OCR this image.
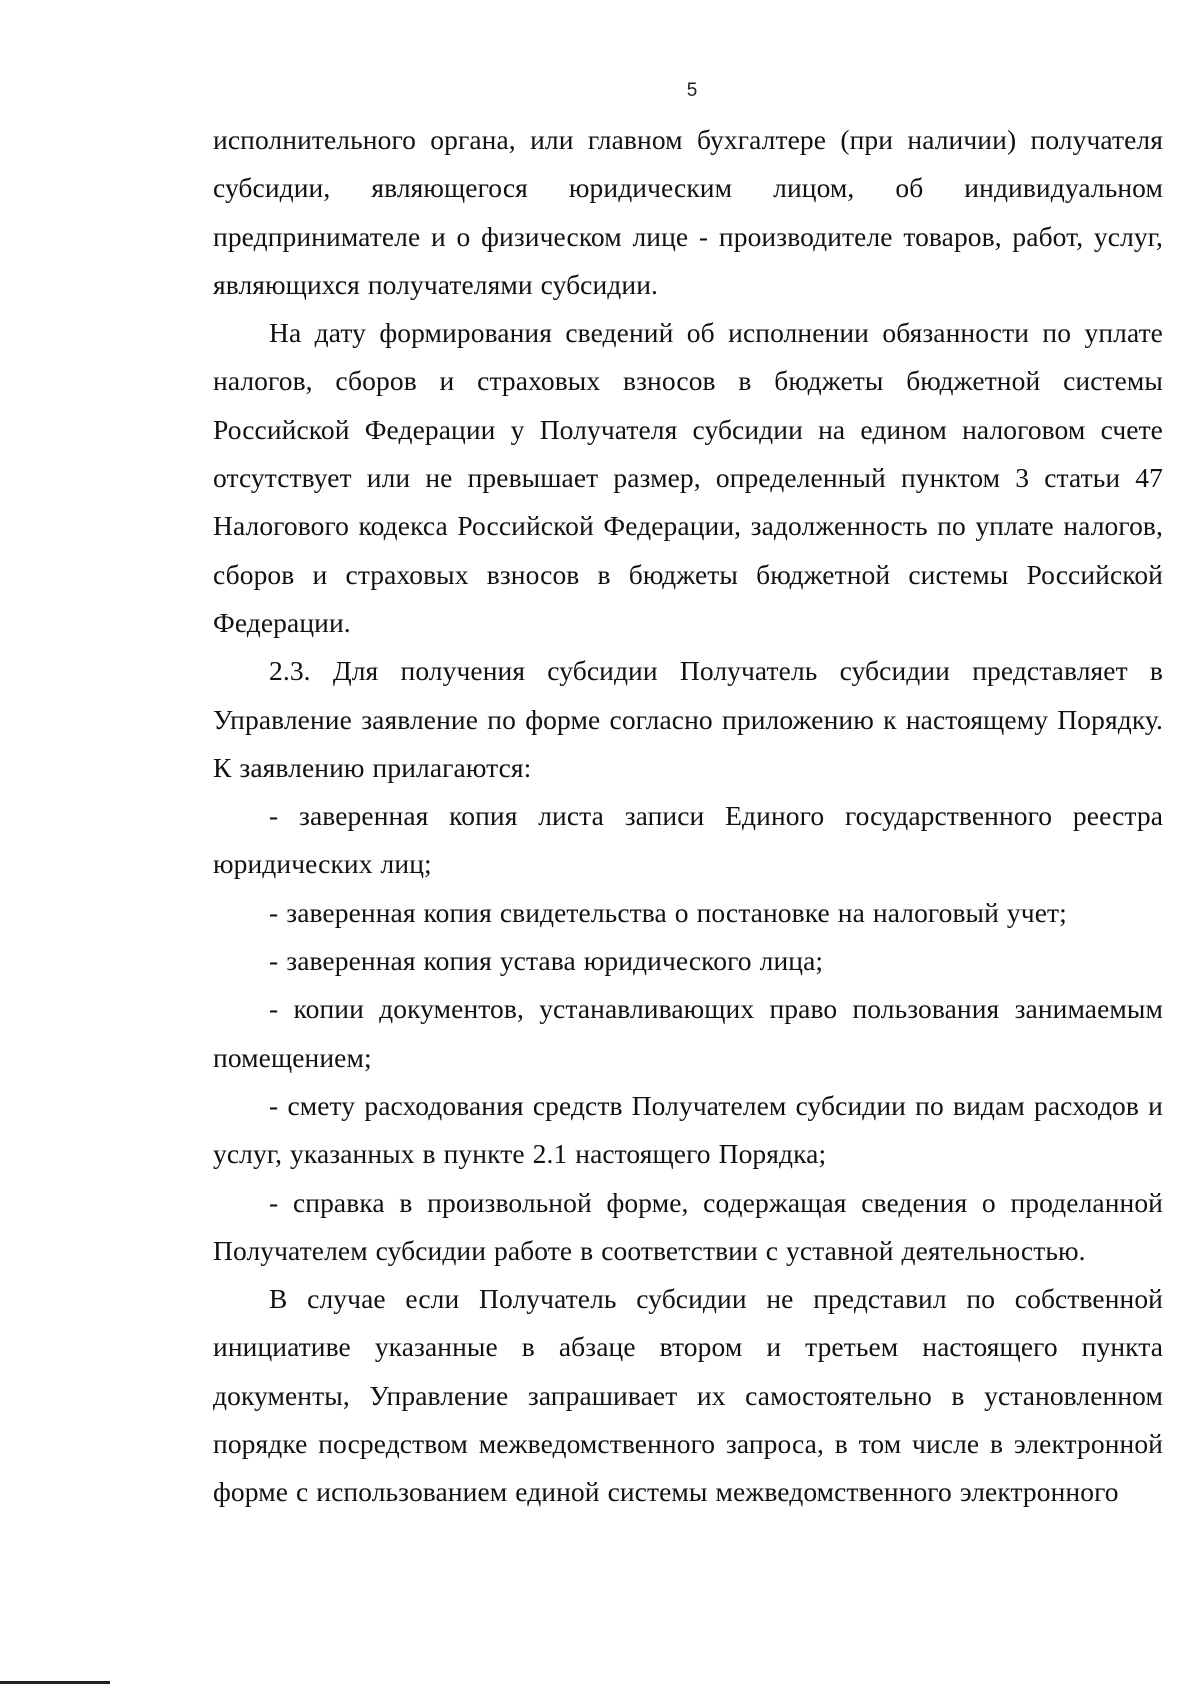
5

исполнительного органа, или главном бухгалтере (при наличии) получателя субсидии, являющегося юридическим лицом, об индивидуальном предпринимателе и о физическом лице - производителе товаров, работ, услуг, являющихся получателями субсидии.

На дату формирования сведений об исполнении обязанности по уплате налогов, сборов и страховых взносов в бюджеты бюджетной системы Российской Федерации у Получателя субсидии на едином налоговом счете отсутствует или не превышает размер, определенный пунктом 3 статьи 47 Налогового кодекса Российской Федерации, задолженность по уплате налогов, сборов и страховых взносов в бюджеты бюджетной системы Российской Федерации.

2.3. Для получения субсидии Получатель субсидии представляет в Управление заявление по форме согласно приложению к настоящему Порядку. К заявлению прилагаются:

- заверенная копия листа записи Единого государственного реестра юридических лиц;

- заверенная копия свидетельства о постановке на налоговый учет;

- заверенная копия устава юридического лица;

- копии документов, устанавливающих право пользования занимаемым помещением;

- смету расходования средств Получателем субсидии по видам расходов и услуг, указанных в пункте 2.1 настоящего Порядка;

- справка в произвольной форме, содержащая сведения о проделанной Получателем субсидии работе в соответствии с уставной деятельностью.

В случае если Получатель субсидии не представил по собственной инициативе указанные в абзаце втором и третьем настоящего пункта документы, Управление запрашивает их самостоятельно в установленном порядке посредством межведомственного запроса, в том числе в электронной форме с использованием единой системы межведомственного электронного
